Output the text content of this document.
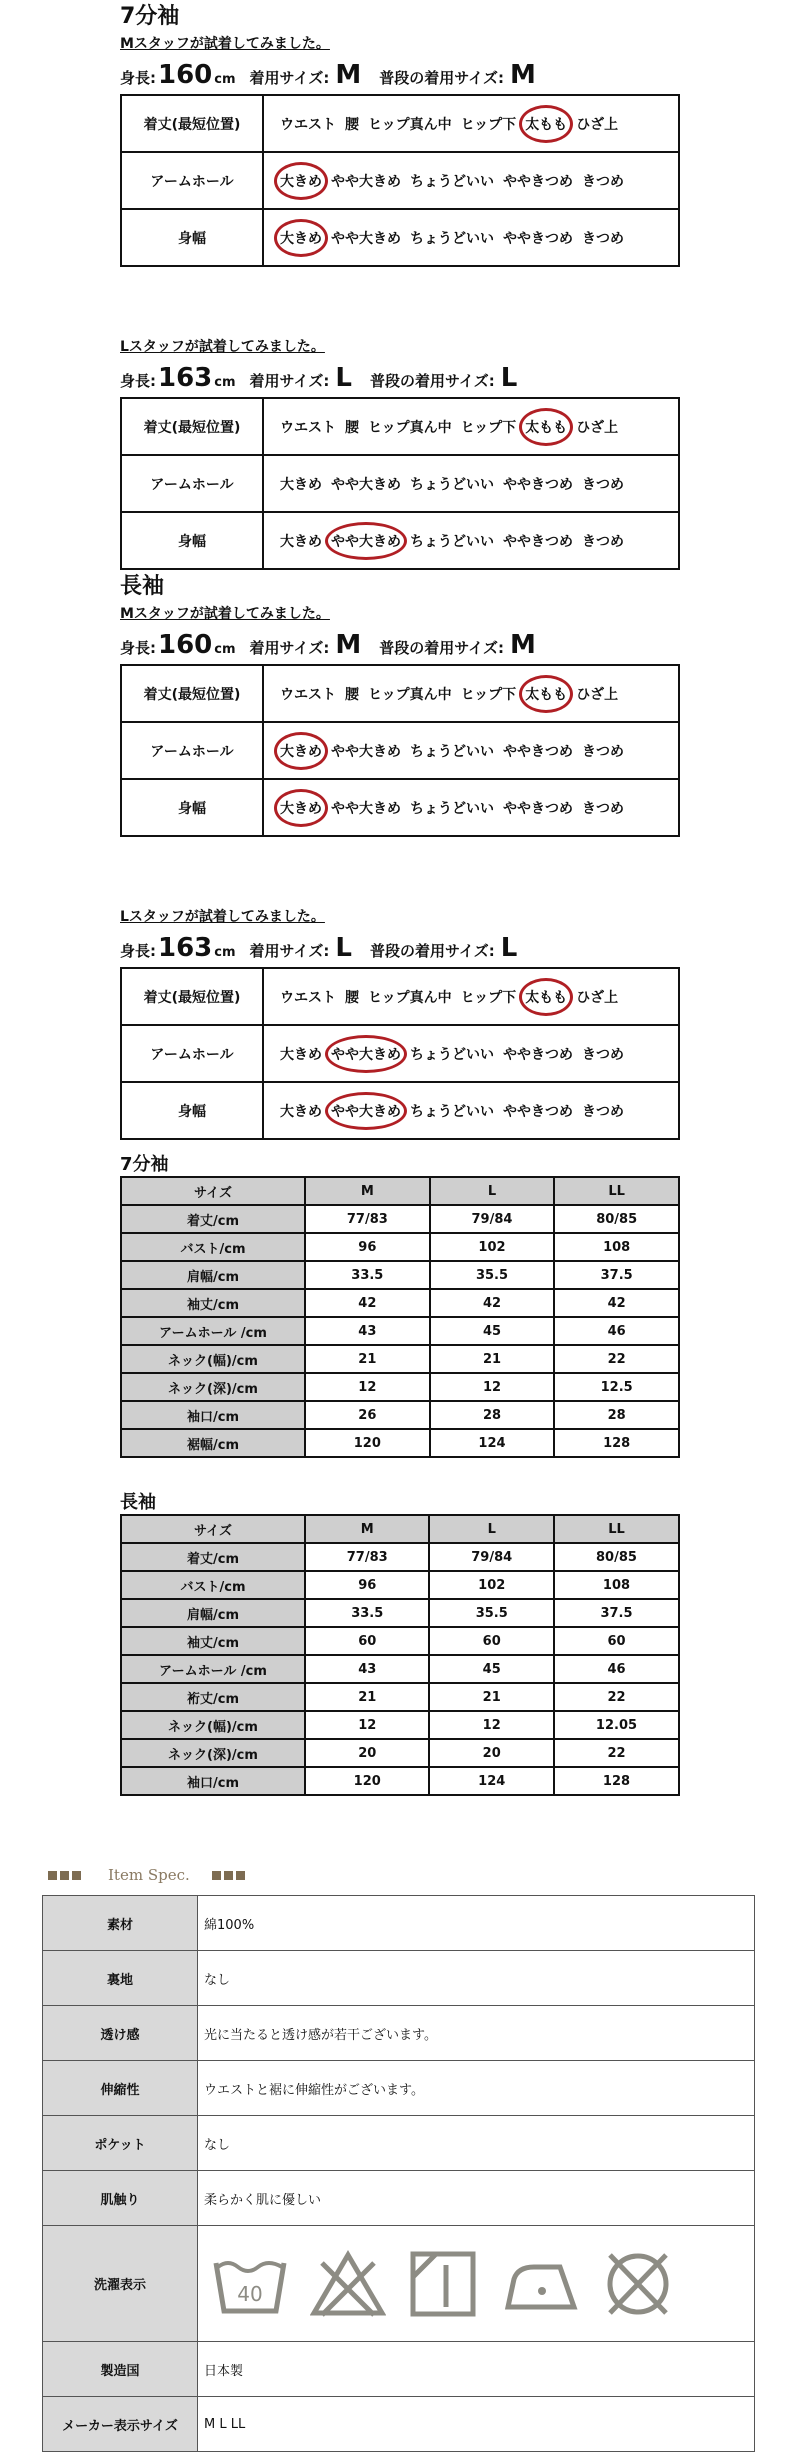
7分袖
Mスタッフが試着してみました。
身長: 160 cm 着用サイズ: M 普段の着用サイズ: M
着丈(最短位置)	ウエスト 腰 ヒップ真ん中 ヒップ下 太もも ひざ上
アームホール	大きめ やや大きめ ちょうどいい ややきつめ きつめ
身幅	大きめ やや大きめ ちょうどいい ややきつめ きつめ
Lスタッフが試着してみました。
身長: 163 cm 着用サイズ: L 普段の着用サイズ: L
着丈(最短位置)	ウエスト 腰 ヒップ真ん中 ヒップ下 太もも ひざ上
アームホール	大きめ やや大きめ ちょうどいい ややきつめ きつめ
身幅	大きめ やや大きめ ちょうどいい ややきつめ きつめ
長袖
Mスタッフが試着してみました。
身長: 160 cm 着用サイズ: M 普段の着用サイズ: M
着丈(最短位置)	ウエスト 腰 ヒップ真ん中 ヒップ下 太もも ひざ上
アームホール	大きめ やや大きめ ちょうどいい ややきつめ きつめ
身幅	大きめ やや大きめ ちょうどいい ややきつめ きつめ
Lスタッフが試着してみました。
身長: 163 cm 着用サイズ: L 普段の着用サイズ: L
着丈(最短位置)	ウエスト 腰 ヒップ真ん中 ヒップ下 太もも ひざ上
アームホール	大きめ やや大きめ ちょうどいい ややきつめ きつめ
身幅	大きめ やや大きめ ちょうどいい ややきつめ きつめ
7分袖
サイズ	M	L	LL
着丈/cm	77/83	79/84	80/85
バスト/cm	96	102	108
肩幅/cm	33.5	35.5	37.5
袖丈/cm	42	42	42
アームホール /cm	43	45	46
ネック(幅)/cm	21	21	22
ネック(深)/cm	12	12	12.5
袖口/cm	26	28	28
裾幅/cm	120	124	128
長袖
サイズ	M	L	LL
着丈/cm	77/83	79/84	80/85
バスト/cm	96	102	108
肩幅/cm	33.5	35.5	37.5
袖丈/cm	60	60	60
アームホール /cm	43	45	46
裄丈/cm	21	21	22
ネック(幅)/cm	12	12	12.05
ネック(深)/cm	20	20	22
袖口/cm	120	124	128
Item Spec.
素材	綿100%
裏地	なし
透け感	光に当たると透け感が若干ございます。
伸縮性	ウエストと裾に伸縮性がございます。
ポケット	なし
肌触り	柔らかく肌に優しい
洗濯表示	40

製造国	日本製
メーカー表示サイズ	M L LL
